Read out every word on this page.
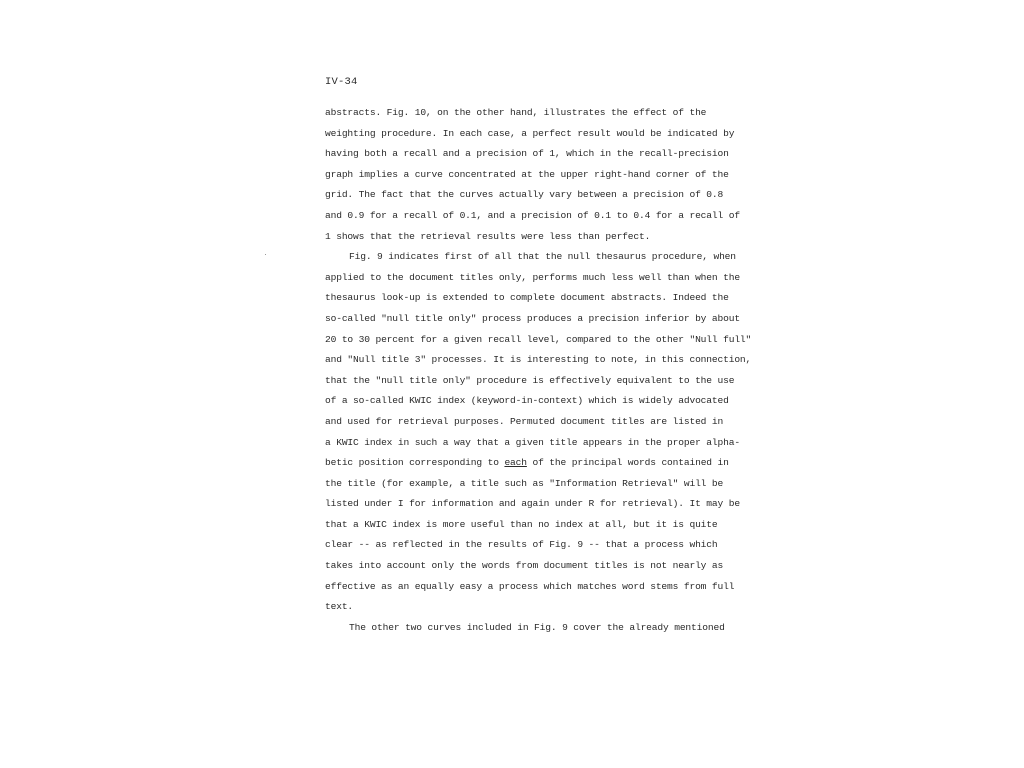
IV-34
abstracts. Fig. 10, on the other hand, illustrates the effect of the
weighting procedure. In each case, a perfect result would be indicated by
having both a recall and a precision of 1, which in the recall-precision
graph implies a curve concentrated at the upper right-hand corner of the
grid. The fact that the curves actually vary between a precision of 0.8
and 0.9 for a recall of 0.1, and a precision of 0.1 to 0.4 for a recall of
1 shows that the retrieval results were less than perfect.
Fig. 9 indicates first of all that the null thesaurus procedure, when
applied to the document titles only, performs much less well than when the
thesaurus look-up is extended to complete document abstracts. Indeed the
so-called "null title only" process produces a precision inferior by about
20 to 30 percent for a given recall level, compared to the other "Null full"
and "Null title 3" processes. It is interesting to note, in this connection,
that the "null title only" procedure is effectively equivalent to the use
of a so-called KWIC index (keyword-in-context) which is widely advocated
and used for retrieval purposes. Permuted document titles are listed in
a KWIC index in such a way that a given title appears in the proper alpha-
betic position corresponding to each of the principal words contained in
the title (for example, a title such as "Information Retrieval" will be
listed under I for information and again under R for retrieval). It may be
that a KWIC index is more useful than no index at all, but it is quite
clear -- as reflected in the results of Fig. 9 -- that a process which
takes into account only the words from document titles is not nearly as
effective as an equally easy a process which matches word stems from full
text.
The other two curves included in Fig. 9 cover the already mentioned
